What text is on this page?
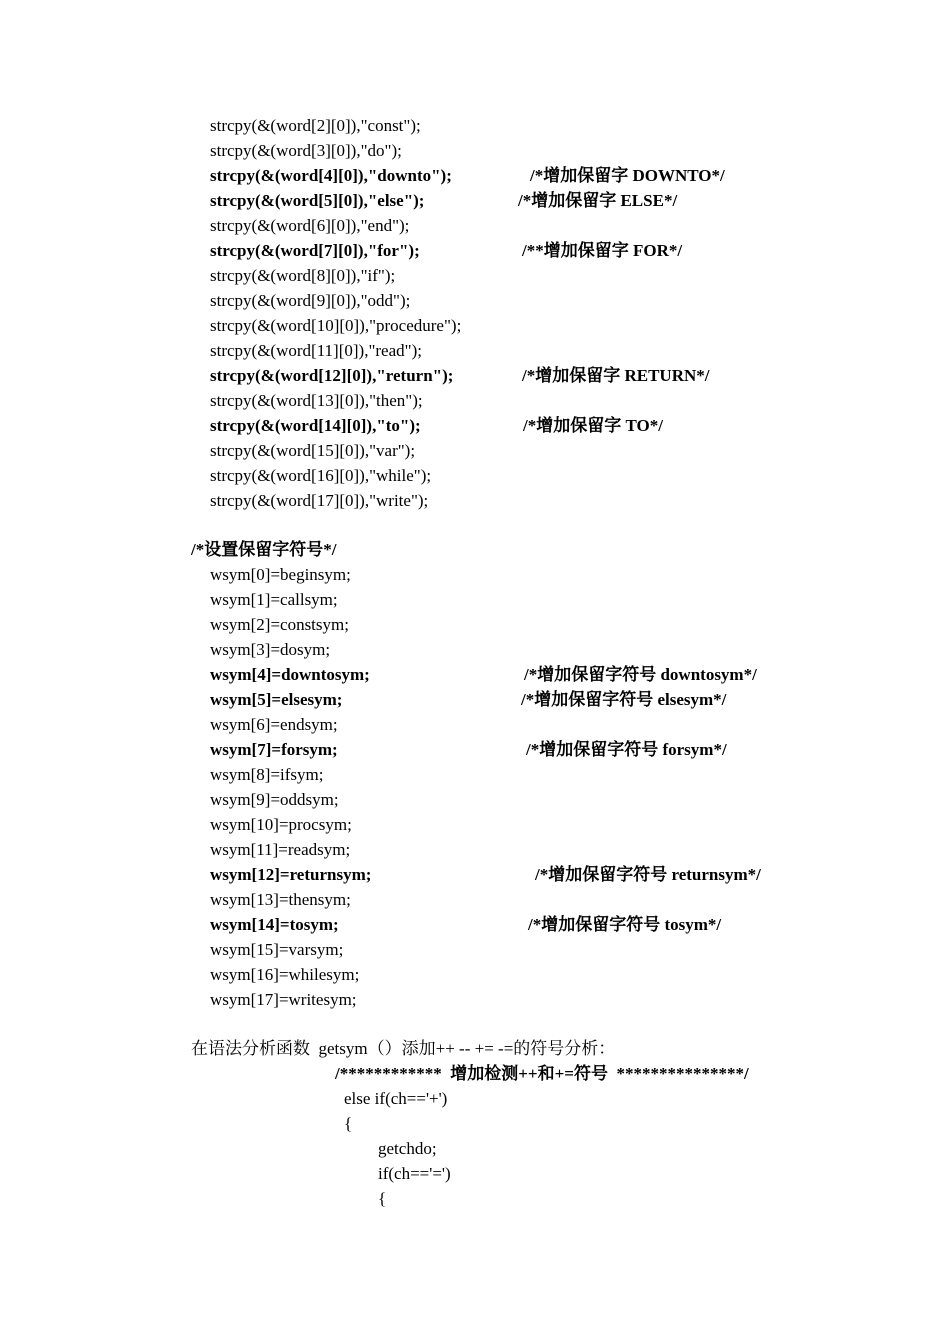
strcpy(&(word[2][0]),"const");
strcpy(&(word[3][0]),"do");
strcpy(&(word[4][0]),"downto");	/*增加保留字 DOWNTO*/
strcpy(&(word[5][0]),"else");	/*增加保留字 ELSE*/
strcpy(&(word[6][0]),"end");
strcpy(&(word[7][0]),"for");	/**增加保留字 FOR*/
strcpy(&(word[8][0]),"if");
strcpy(&(word[9][0]),"odd");
strcpy(&(word[10][0]),"procedure");
strcpy(&(word[11][0]),"read");
strcpy(&(word[12][0]),"return");	/*增加保留字 RETURN*/
strcpy(&(word[13][0]),"then");
strcpy(&(word[14][0]),"to");	/*增加保留字 TO*/
strcpy(&(word[15][0]),"var");
strcpy(&(word[16][0]),"while");
strcpy(&(word[17][0]),"write");
/*设置保留字符号*/
wsym[0]=beginsym;
wsym[1]=callsym;
wsym[2]=constsym;
wsym[3]=dosym;
wsym[4]=downtosym;	/*增加保留字符号 downtosym*/
wsym[5]=elsesym;	/*增加保留字符号 elsesym*/
wsym[6]=endsym;
wsym[7]=forsym;	/*增加保留字符号 forsym*/
wsym[8]=ifsym;
wsym[9]=oddsym;
wsym[10]=procsym;
wsym[11]=readsym;
wsym[12]=returnsym;	/*增加保留字符号 returnsym*/
wsym[13]=thensym;
wsym[14]=tosym;	/*增加保留字符号 tosym*/
wsym[15]=varsym;
wsym[16]=whilesym;
wsym[17]=writesym;
在语法分析函数  getsym（）添加++ -- += -=的符号分析：
/************  增加检测++和+=符号  ***************/
else if(ch=='+')
{
getchdo;
if(ch=='=')
{
